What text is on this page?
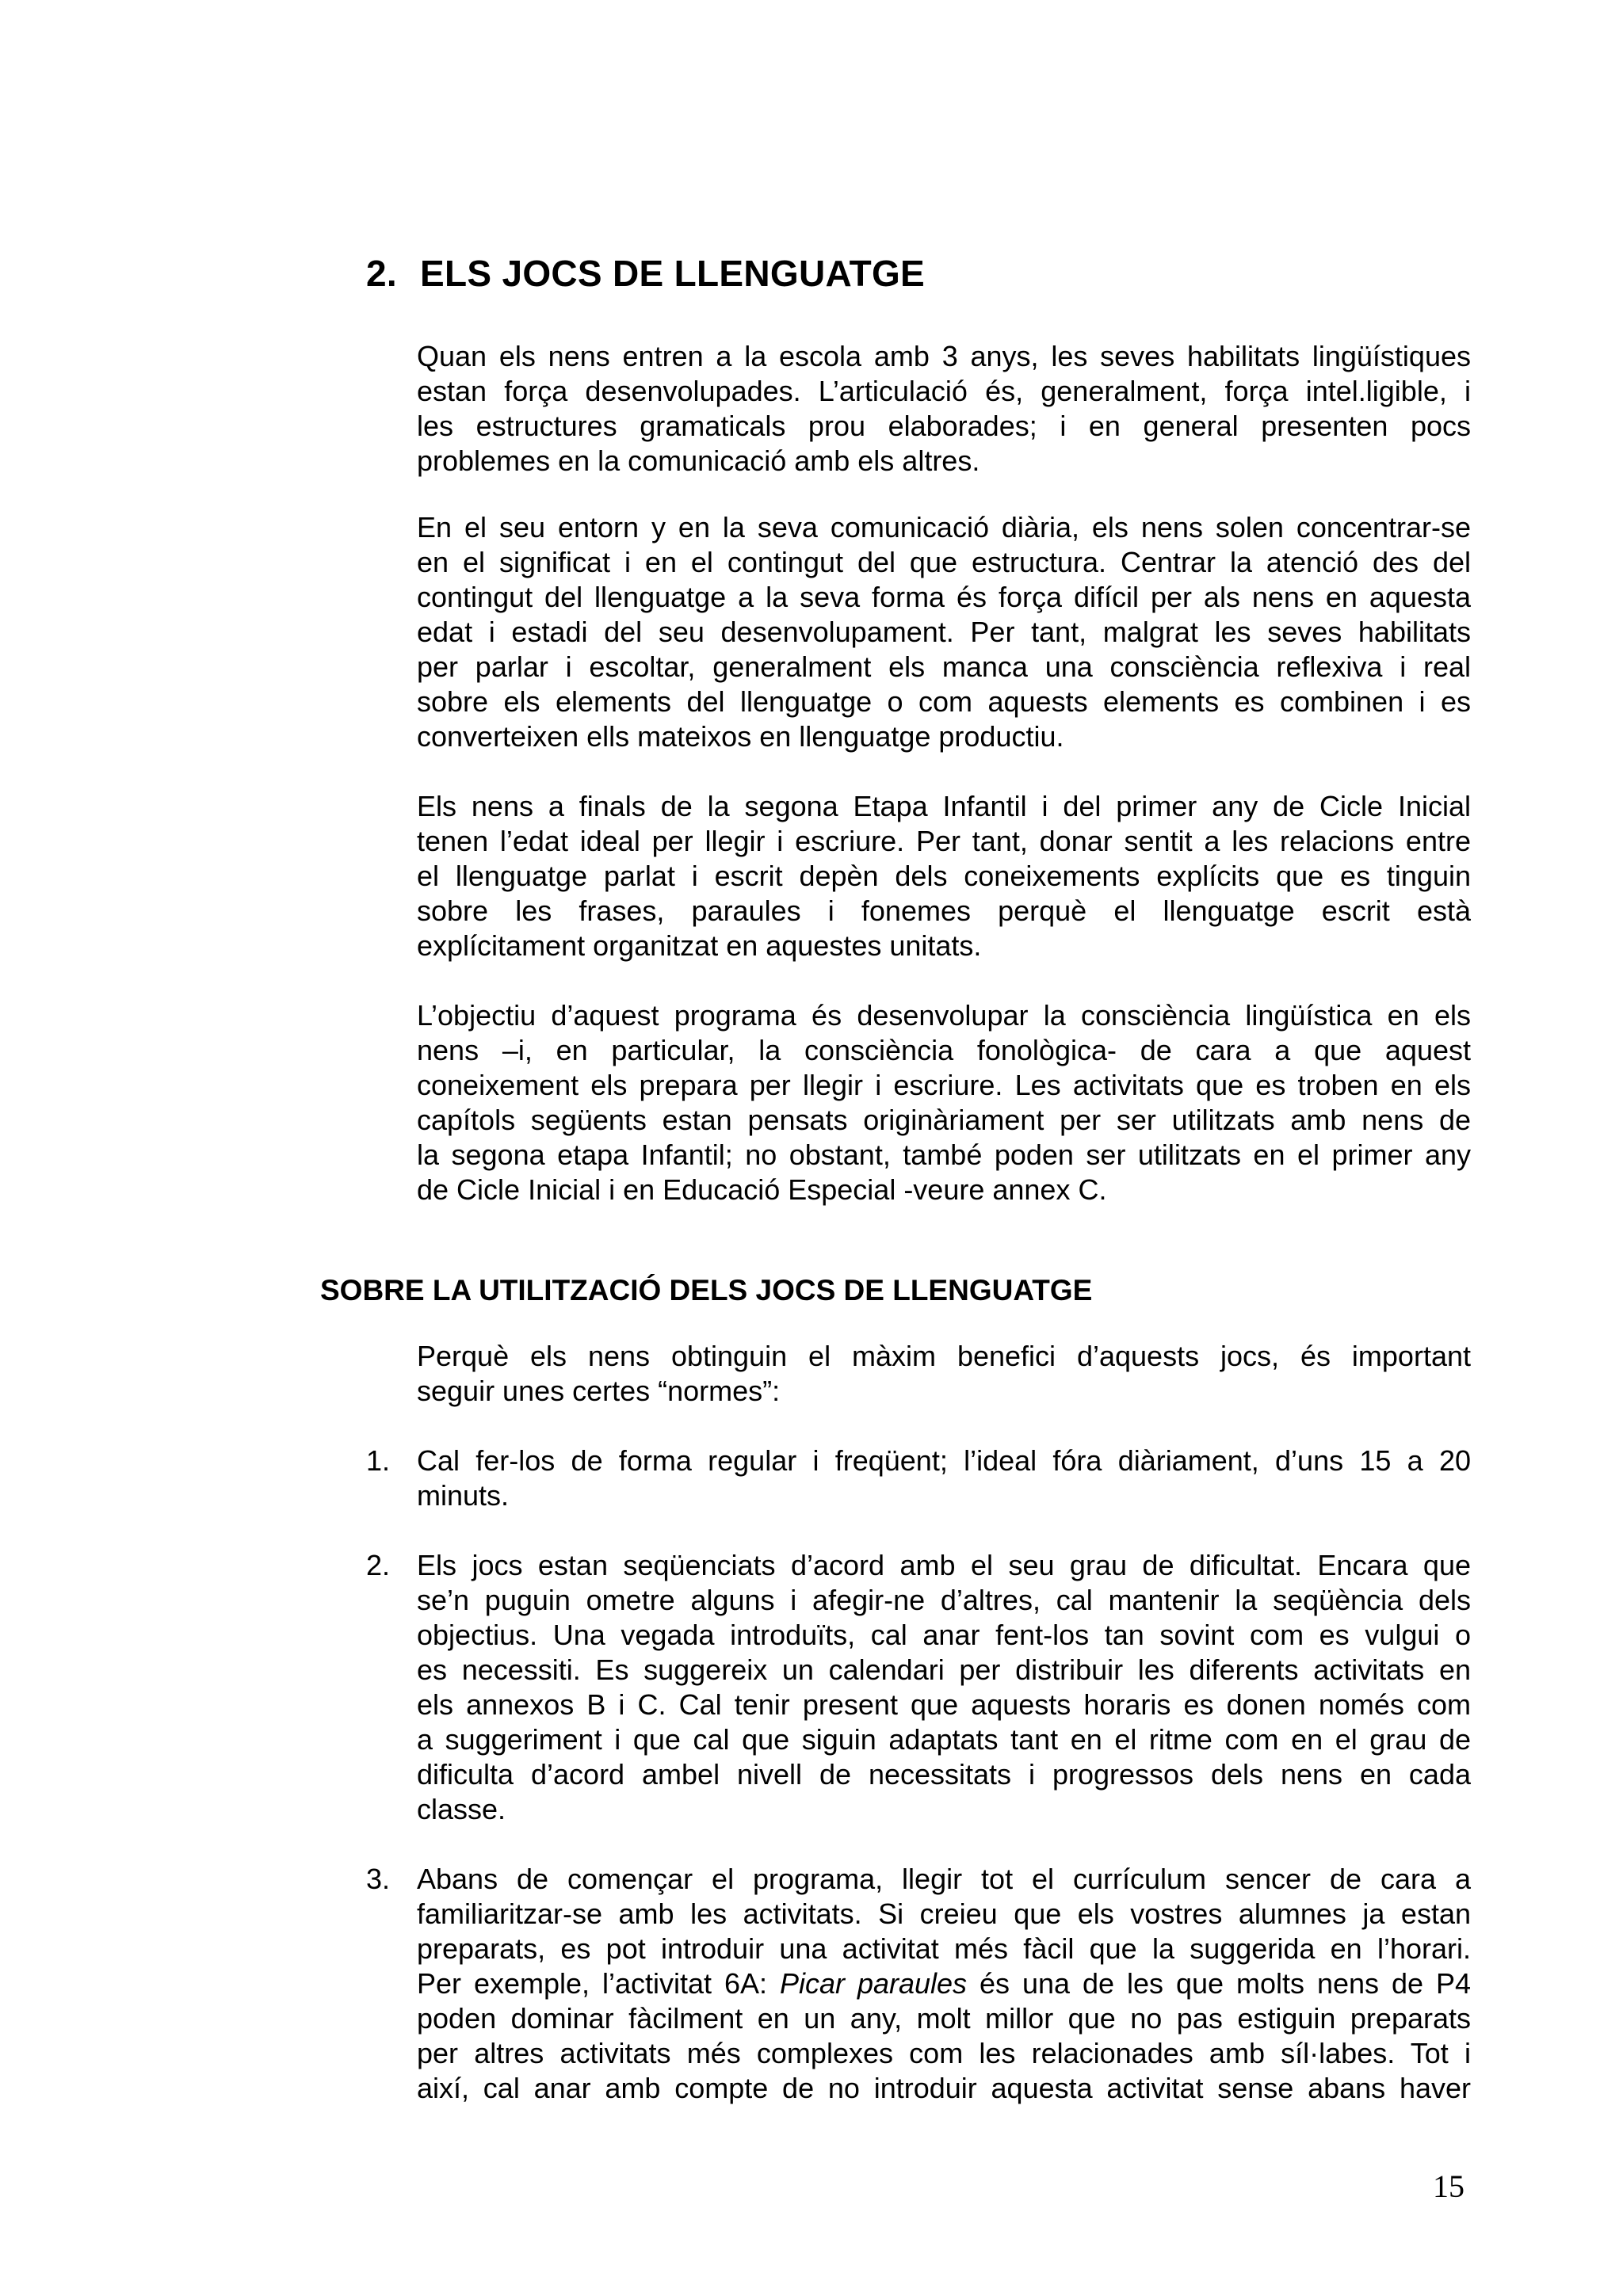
2. ELS JOCS DE LLENGUATGE
Quan els nens entren a la escola amb 3 anys, les seves habilitats lingüístiques
estan força desenvolupades. L’articulació és, generalment, força intel.ligible, i
les estructures gramaticals prou elaborades; i en general presenten pocs
problemes en la comunicació amb els altres.
En el seu entorn y en la seva comunicació diària, els nens solen concentrar-se
en el significat i en el contingut del que estructura. Centrar la atenció des del
contingut del llenguatge a la seva forma és força difícil per als nens en aquesta
edat i estadi del seu desenvolupament. Per tant, malgrat les seves habilitats
per parlar i escoltar, generalment els manca una consciència reflexiva i real
sobre els elements del llenguatge o com aquests elements es combinen i es
converteixen ells mateixos en llenguatge productiu.
Els nens a finals de la segona Etapa Infantil i del primer any de Cicle Inicial
tenen l’edat ideal per llegir i escriure. Per tant, donar sentit a les relacions entre
el llenguatge parlat i escrit depèn dels coneixements explícits que es tinguin
sobre les frases, paraules i fonemes perquè el llenguatge escrit està
explícitament organitzat en aquestes unitats.
L’objectiu d’aquest programa és desenvolupar la consciència lingüística en els
nens –i, en particular, la consciència fonològica- de cara a que aquest
coneixement els prepara per llegir i escriure. Les activitats que es troben en els
capítols següents estan pensats originàriament per ser utilitzats amb nens de
la segona etapa Infantil; no obstant, també poden ser utilitzats en el primer any
de Cicle Inicial i en Educació Especial -veure annex C.
SOBRE LA UTILITZACIÓ DELS JOCS DE LLENGUATGE
Perquè els nens obtinguin el màxim benefici d’aquests jocs, és important
seguir unes certes “normes”:
1. Cal fer-los de forma regular i freqüent; l’ideal fóra diàriament, d’uns 15 a 20
minuts.
2. Els jocs estan seqüenciats d’acord amb el seu grau de dificultat. Encara que
se’n puguin ometre alguns i afegir-ne d’altres, cal mantenir la seqüència dels
objectius. Una vegada introduïts, cal anar fent-los tan sovint com es vulgui o
es necessiti. Es suggereix un calendari per distribuir les diferents activitats en
els annexos B i C. Cal tenir present que aquests horaris es donen només com
a suggeriment i que cal que siguin adaptats tant en el ritme com en el grau de
dificulta d’acord ambel nivell de necessitats i progressos dels nens en cada
classe.
3. Abans de començar el programa, llegir tot el currículum sencer de cara a
familiaritzar-se amb les activitats. Si creieu que els vostres alumnes ja estan
preparats, es pot introduir una activitat més fàcil que la suggerida en l’horari.
Per exemple, l’activitat 6A: Picar paraules és una de les que molts nens de P4
poden dominar fàcilment en un any, molt millor que no pas estiguin preparats
per altres activitats més complexes com les relacionades amb síl·labes. Tot i
així, cal anar amb compte de no introduir aquesta activitat sense abans haver
15
